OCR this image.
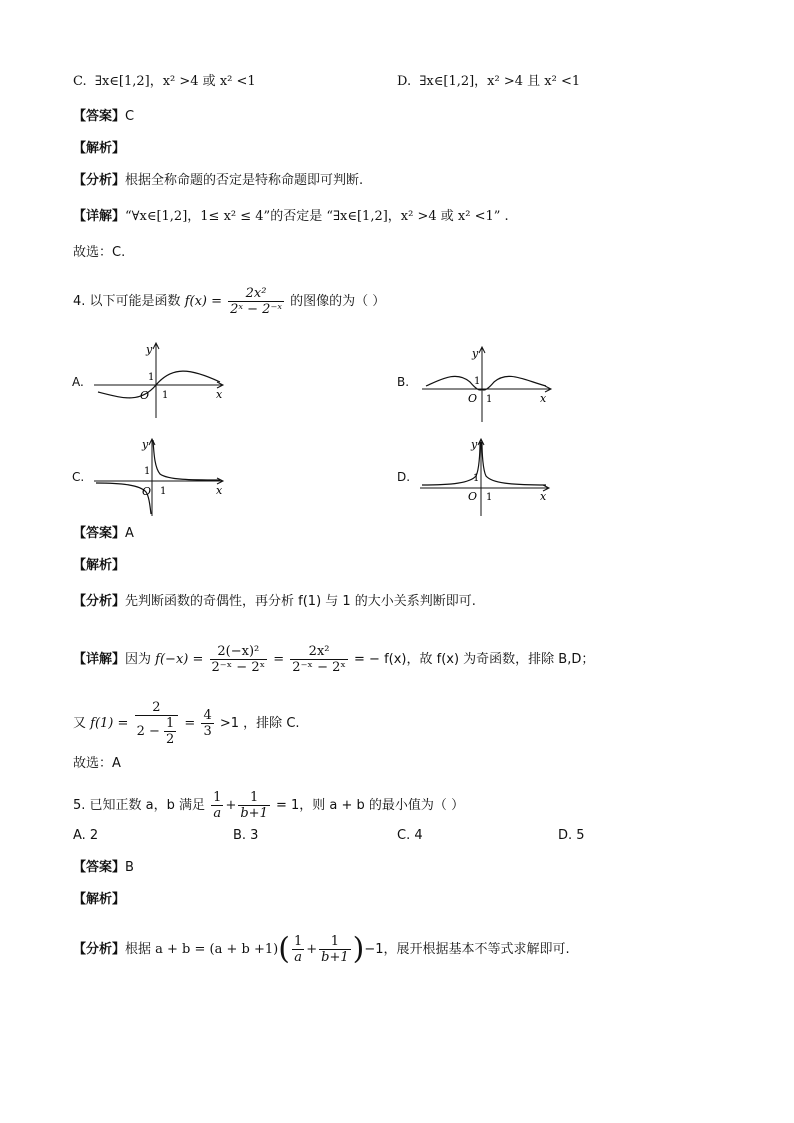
C. ∃x∈[1,2]，x² >4 或 x² <1	D. ∃x∈[1,2]，x² >4 且 x² <1
【答案】C
【解析】
【分析】根据全称命题的否定是特称命题即可判断.
【详解】“∀x∈[1,2]，1≤ x² ≤ 4”的否定是 “∃x∈[1,2]，x² >4 或 x² <1” .
故选：C.
4. 以下可能是函数 $f(x) = \frac{\text{2x²}}{\text{2ˣ − 2⁻ˣ}}$ 的图像的为（ ）
A.	B.
C.	D.
y
x
O
1
1
y
x
O
1
1
y
x
O
1
1
y
x
O
1
1
【答案】A
【解析】
【分析】先判断函数的奇偶性，再分析 f(1) 与 1 的大小关系判断即可.
【详解】因为 $f(-x) = \frac{\text{2(−x)²}}{\text{2⁻ˣ − 2ˣ}} = \frac{\text{2x²}}{\text{2⁻ˣ − 2ˣ}}$ = − f(x)，故 f(x) 为奇函数，排除 B,D；
又 $f(1) = \frac{2}{2 - \frac{1}{2}} = \frac{4}{3} >1$ ，排除 C.
故选：A
5. 已知正数 a，b 满足 $\frac{1}{a} + \frac{1}{b+1} = 1$，则 a + b 的最小值为（ ）
A. 2	B. 3	C. 4	D. 5
【答案】B
【解析】
【分析】根据 $a + b = (a + b +1)( \frac{1}{a} + \frac{1}{b+1} )-1$，展开根据基本不等式求解即可.
